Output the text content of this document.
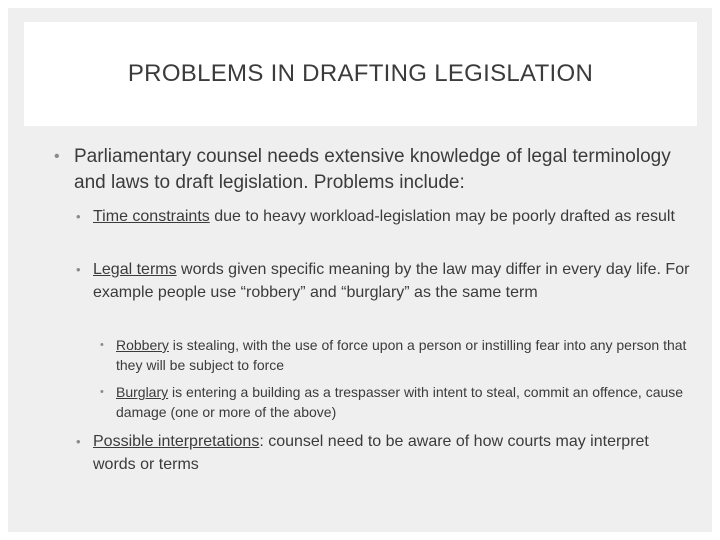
PROBLEMS IN DRAFTING LEGISLATION
• Parliamentary counsel needs extensive knowledge of legal terminology and laws to draft legislation. Problems include:
• Time constraints due to heavy workload-legislation may be poorly drafted as result
• Legal terms words given specific meaning by the law may differ in every day life. For example people use “robbery” and “burglary” as the same term
• Robbery is stealing, with the use of force upon a person or instilling fear into any person that they will be subject to force
• Burglary is entering a building as a trespasser with intent to steal, commit an offence, cause damage (one or more of the above)
• Possible interpretations: counsel need to be aware of how courts may interpret words or terms
